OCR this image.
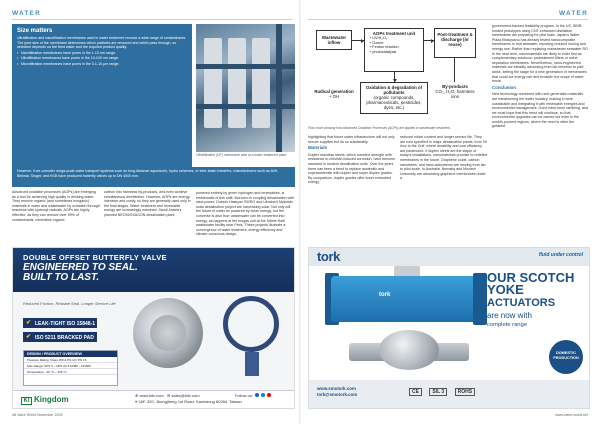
WATER	WATER
Size matters

Ultrafiltration and nanofiltration membranes used in water treatment remove a wide range of contaminants. The pore size of the membrane determines which particles are removed and which pass through, so selection depends on the feed water and the required product quality.

• Nanofiltration membranes have pores in the 1-10 nm range.
• Ultrafiltration membranes have pores in the 10-100 nm range.
• Microfiltration membranes have pores in the 0.1-10 µm range.
However, if we consider mega-scale water transport systems such as long-distance aqueducts, hydro schemes, or inter-basin transfers, manufacturers such as AVK, Belimai, Singer, and KSB have produced butterfly valves up to DN 4000 mm.
Ultrafiltration (UF) membrane skid at a water treatment plant.

Advanced oxidation processes (AOPs) are emerging as a tool for achieving high quality in drinking water. They remove organic (and sometimes inorganic) materials in water and wastewater by oxidation through reactions with hydroxyl radicals. AOPs are highly effective, as they can remove over 99% of contaminants, mineralise organic

carbon into harmless by-products, and even achieve simultaneous disinfection. However, AOPs are energy-intensive and costly, so they are generally used only in the final stages. Water treatment and renewable energy are increasingly entwined. Saudi Arabia's planned NEOM/OXAGON desalination plant,

powered entirely by green hydrogen and renewables, is emblematic of this shift. Morocco is coupling desalination with wind power; Dubai's Hassyan SWRO and Ukraine's Mykolaiv solar desalination project are harnessing solar. Not only will the future of water be powered by clean energy, but the converse is also true: wastewater can be converted into energy, as happens at the biogas unit at the Saline Haiti wastewater facility near Paris. These projects illustrate a convergence of water treatment, energy efficiency and climate-conscious design,

DOUBLE OFFSET BUTTERFLY VALVE
ENGINEERED TO SEAL.
BUILT TO LAST.
Reduced Friction, Reliable Seal, Longer Service Life
✔ LEAK-TIGHT ISO 15848-1
✔ ISO 5211 BRACKED PAD
DESIGN / PRODUCT OVERVIEW
Pressure Rating: Class 150 & PN 10 / PN 16
Size Range: NPS 3 ~ NPS 24 & DN80 ~ DN600
Temperature: -29 °C ~ 230 °C
KI Kingdom	⊕ www.kifc.com ✉ sales@kifc.com
⌖ 16F, 320, Jhongjheng 1st Road, Kaohsiung 80284, Taiwan
Follow us:
48 Valve World November 2025
Wastewater inflow
AOPs treatment unit
+ UV/H₂O₂
+ Ozone
+ Fenton reaction
+ photocatalysis
Post-treatment & discharge (or reuse)
Radical generation
+ OH
Oxidation & degradation of pollutants
(organic compounds, pharmaceuticals, pesticides, dyes, etc.)
By-products
CO₂, H₂O, harmless ions
Flow chart showing how Advanced Oxidation Processes (AOPs) are applied in wastewater treatment.

highlighting that future water infrastructure will not only secure supplies but do so sustainably.

Materials

Duplex stainless steels, which combine strength with resistance to chloride-induced corrosion, have become standard in modern desalination units. Over the years there has been a trend to replace austenitic and superaustenitic with duplex and super duplex grades. By comparison, duplex grades offer lower embodied energy,

reduced nickel content and longer service life. They are now specified in major desalination plants, from Tel Aviv to the Gulf, where durability and cost efficiency are paramount. If duplex steels are the staple of today's installations, nanomaterials promise to redefine membranes in the future. Graphene oxide, carbon nanotubes, and nano-adsorbents are moving from lab to pilot scale. In Australia, Nematiq and Monash University are advancing graphene membranes under a

government-backed feasibility program. In the US, SBIR-funded prototypes using CNT-enhanced distillation membranes are preparing for pilot trials. Japan's Water Plaza Kitakyushu has already tested nanocomposite membranes in real seawater, reporting reduced fouling and energy use. Rather than replacing mainstream seawater RO in the near term, nanomaterials are likely to enter first as complementary solutions: pretreatment filters or niche separation membranes. Nevertheless, nano-engineered materials are steadily advancing from lab benches to pilot tanks, setting the stage for a new generation of membranes that could cut energy use and broaden the scope of water reuse.

Conclusion

New technology combined with next-generation materials are transforming the water industry, making it more sustainable and integrating it with renewable energies and environmental management. Gone have been rambling, and we must hope that this trend will continue, so that environmental upgrades can be carried out even in the world's poorest regions, where the need is often the greatest.

tork	fluid under control
tork
OUR SCOTCH YOKE
ACTUATORS
are now with
complete range
DOMESTIC PRODUCTION
www.smotork.com
tork@smotork.com	CE	SIL 3	ROHS
www.valve-world.net
